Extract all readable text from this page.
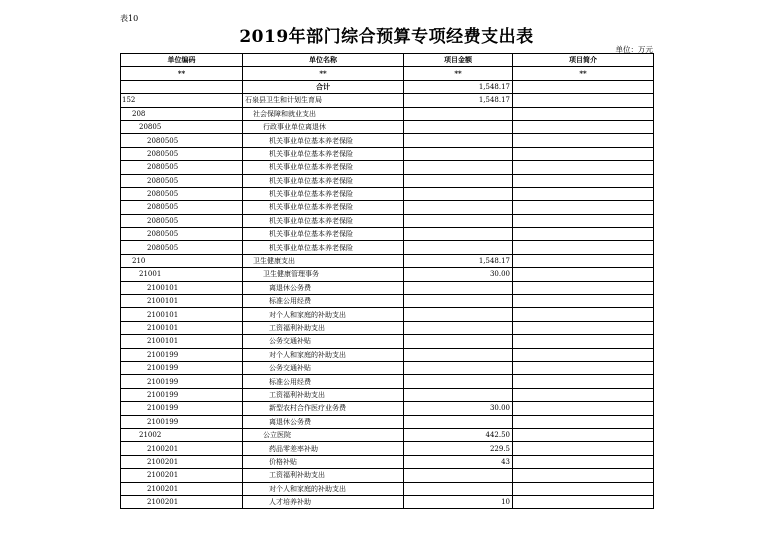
表10
2019年部门综合预算专项经费支出表
单位：万元
单位编码	单位名称	项目金额	项目简介
**	**	**	**
	合计	1,548.17	
152	石泉县卫生和计划生育局	1,548.17	
208	社会保障和就业支出		
20805	行政事业单位离退休		
2080505	机关事业单位基本养老保险		
2080505	机关事业单位基本养老保险		
2080505	机关事业单位基本养老保险		
2080505	机关事业单位基本养老保险		
2080505	机关事业单位基本养老保险		
2080505	机关事业单位基本养老保险		
2080505	机关事业单位基本养老保险		
2080505	机关事业单位基本养老保险		
2080505	机关事业单位基本养老保险		
210	卫生健康支出	1,548.17	
21001	卫生健康管理事务	30.00	
2100101	离退休公务费		
2100101	标准公用经费		
2100101	对个人和家庭的补助支出		
2100101	工资福利补助支出		
2100101	公务交通补贴		
2100199	对个人和家庭的补助支出		
2100199	公务交通补贴		
2100199	标准公用经费		
2100199	工资福利补助支出		
2100199	新型农村合作医疗业务费	30.00	
2100199	离退休公务费		
21002	公立医院	442.50	
2100201	药品零差率补助	229.5	
2100201	价格补贴	43	
2100201	工资福利补助支出		
2100201	对个人和家庭的补助支出		
2100201	人才培养补助	10	
